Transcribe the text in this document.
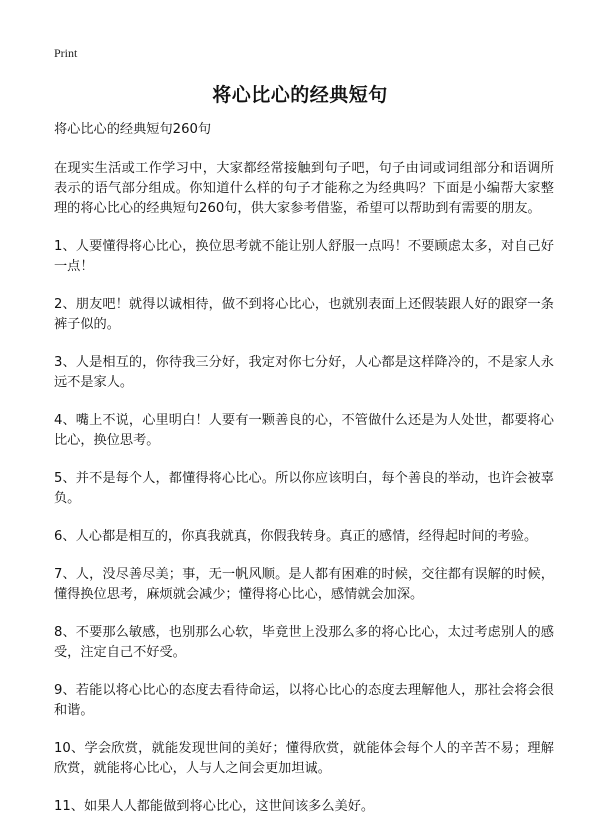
Print
将心比心的经典短句

将心比心的经典短句260句

在现实生活或工作学习中，大家都经常接触到句子吧，句子由词或词组部分和语调所表示的语气部分组成。你知道什么样的句子才能称之为经典吗？下面是小编帮大家整理的将心比心的经典短句260句，供大家参考借鉴，希望可以帮助到有需要的朋友。

1、人要懂得将心比心，换位思考就不能让别人舒服一点吗！不要顾虑太多，对自己好一点！

2、朋友吧！就得以诚相待，做不到将心比心，也就别表面上还假装跟人好的跟穿一条裤子似的。

3、人是相互的，你待我三分好，我定对你七分好，人心都是这样降冷的，不是家人永远不是家人。

4、嘴上不说，心里明白！人要有一颗善良的心，不管做什么还是为人处世，都要将心比心，换位思考。

5、并不是每个人，都懂得将心比心。所以你应该明白，每个善良的举动，也许会被辜负。

6、人心都是相互的，你真我就真，你假我转身。真正的感情，经得起时间的考验。

7、人，没尽善尽美；事，无一帆风顺。是人都有困难的时候，交往都有误解的时候，懂得换位思考，麻烦就会减少；懂得将心比心，感情就会加深。

8、不要那么敏感，也别那么心软，毕竟世上没那么多的将心比心，太过考虑别人的感受，注定自己不好受。

9、若能以将心比心的态度去看待命运，以将心比心的态度去理解他人，那社会将会很和谐。

10、学会欣赏，就能发现世间的美好；懂得欣赏，就能体会每个人的辛苦不易；理解欣赏，就能将心比心，人与人之间会更加坦诚。

11、如果人人都能做到将心比心，这世间该多么美好。
